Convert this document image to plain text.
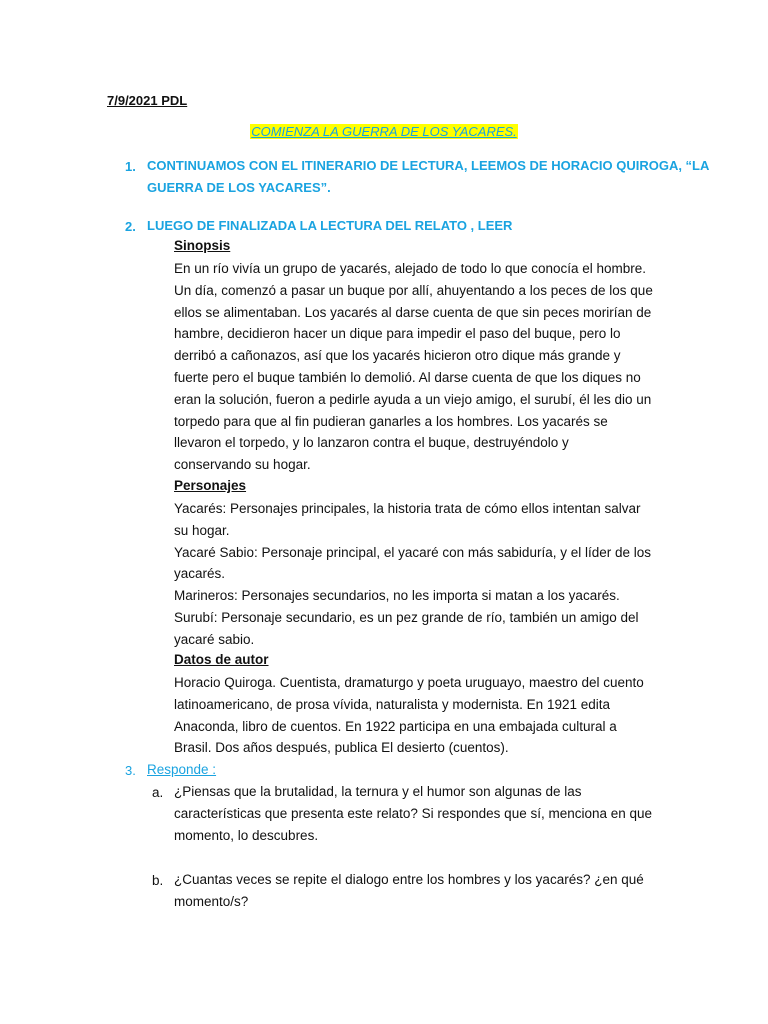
7/9/2021 PDL
COMIENZA LA GUERRA DE LOS YACARES.
1. CONTINUAMOS CON EL ITINERARIO DE LECTURA, LEEMOS DE HORACIO QUIROGA, “LA
GUERRA DE LOS YACARES”.
2. LUEGO DE FINALIZADA LA LECTURA DEL RELATO , LEER
Sinopsis
En un río vivía un grupo de yacarés, alejado de todo lo que conocía el hombre.
Un día, comenzó a pasar un buque por allí, ahuyentando a los peces de los que
ellos se alimentaban. Los yacarés al darse cuenta de que sin peces morirían de
hambre, decidieron hacer un dique para impedir el paso del buque, pero lo
derribó a cañonazos, así que los yacarés hicieron otro dique más grande y
fuerte pero el buque también lo demolió. Al darse cuenta de que los diques no
eran la solución, fueron a pedirle ayuda a un viejo amigo, el surubí, él les dio un
torpedo para que al fin pudieran ganarles a los hombres. Los yacarés se
llevaron el torpedo, y lo lanzaron contra el buque, destruyéndolo y
conservando su hogar.
Personajes
Yacarés: Personajes principales, la historia trata de cómo ellos intentan salvar
su hogar.
Yacaré Sabio: Personaje principal, el yacaré con más sabiduría, y el líder de los
yacarés.
Marineros: Personajes secundarios, no les importa si matan a los yacarés.
Surubí: Personaje secundario, es un pez grande de río, también un amigo del
yacaré sabio.
Datos de autor
Horacio Quiroga. Cuentista, dramaturgo y poeta uruguayo, maestro del cuento
latinoamericano, de prosa vívida, naturalista y modernista. En 1921 edita
Anaconda, libro de cuentos. En 1922 participa en una embajada cultural a
Brasil. Dos años después, publica El desierto (cuentos).
3. Responde :
a. ¿Piensas que la brutalidad, la ternura y el humor son algunas de las
características que presenta este relato? Si respondes que sí, menciona en que
momento, lo descubres.
b. ¿Cuantas veces se repite el dialogo entre los hombres y los yacarés? ¿en qué
momento/s?
